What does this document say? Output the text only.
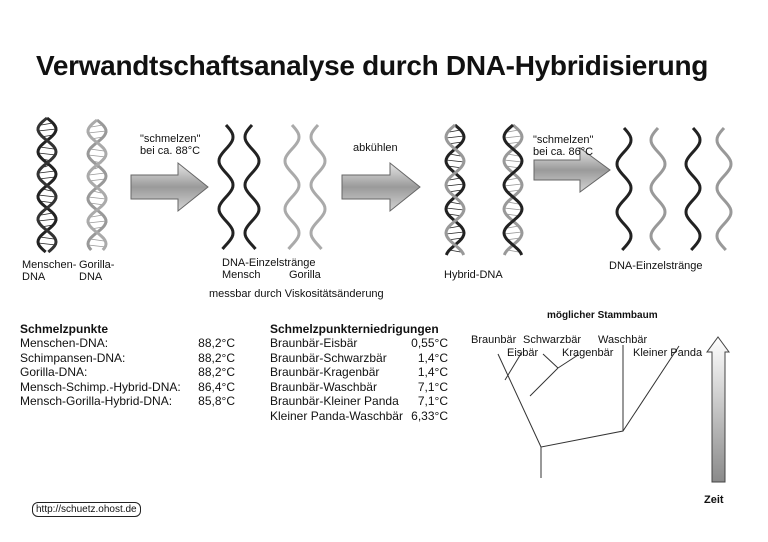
Verwandtschaftsanalyse durch DNA-Hybridisierung
"schmelzen"
bei ca. 88°C	abkühlen
"schmelzen"
bei ca. 86°C
Menschen-
DNA
Gorilla-
DNA
DNA-Einzelstränge
Mensch	Gorilla
messbar durch Viskositätsänderung
Hybrid-DNA
DNA-Einzelstränge
Schmelzpunkte
Menschen-DNA:	88,2°C
Schimpansen-DNA:	88,2°C
Gorilla-DNA:	88,2°C
Mensch-Schimp.-Hybrid-DNA: 86,4°C
Mensch-Gorilla-Hybrid-DNA: 85,8°C
Schmelzpunkterniedrigungen
Braunbär-Eisbär	0,55°C
Braunbär-Schwarzbär	1,4°C
Braunbär-Kragenbär	1,4°C
Braunbär-Waschbär	7,1°C
Braunbär-Kleiner Panda 7,1°C
Kleiner Panda-Waschbär 6,33°C
möglicher Stammbaum
Braunbär Schwarzbär Waschbär
Eisbär Kragenbär Kleiner Panda
Zeit
http://schuetz.ohost.de
